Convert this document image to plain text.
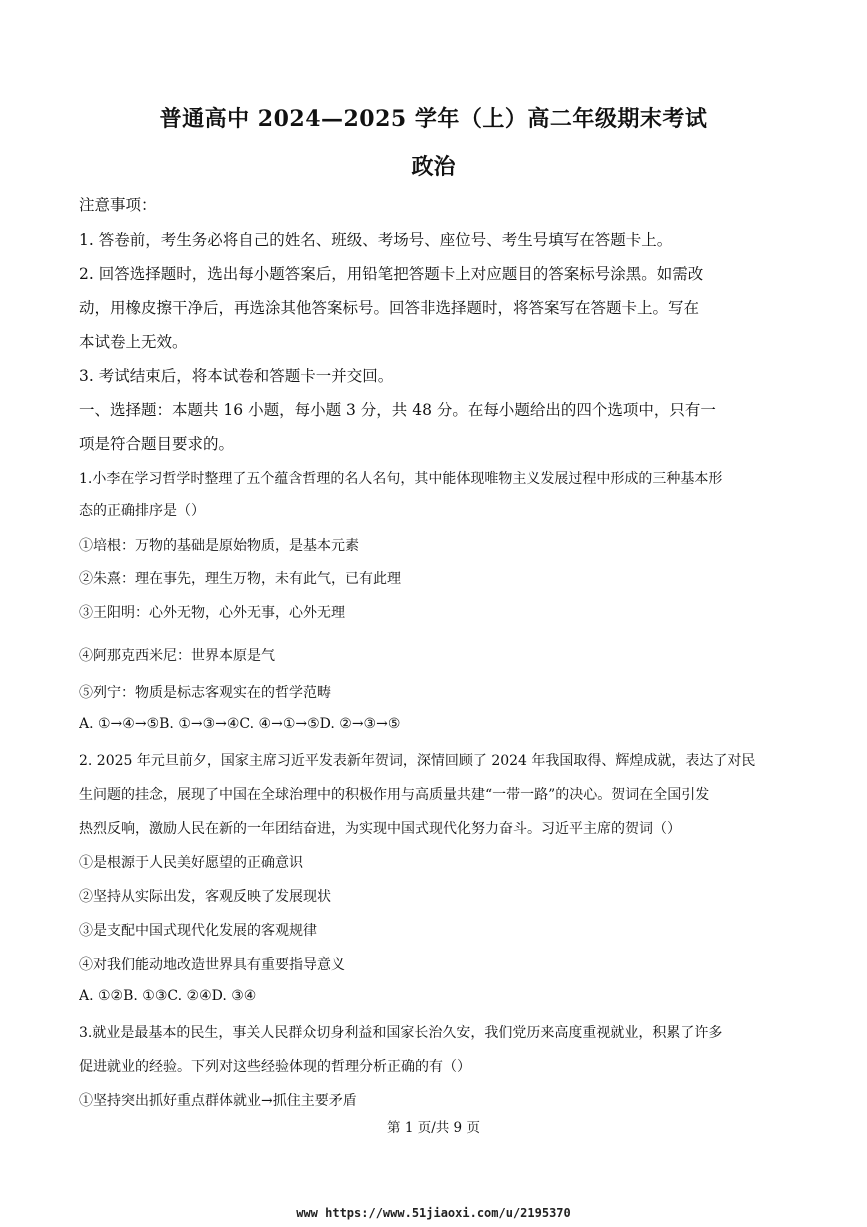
普通高中 2024—2025 学年（上）高二年级期末考试
政治
注意事项：
1. 答卷前，考生务必将自己的姓名、班级、考场号、座位号、考生号填写在答题卡上。
2. 回答选择题时，选出每小题答案后，用铅笔把答题卡上对应题目的答案标号涂黑。如需改
动，用橡皮擦干净后，再选涂其他答案标号。回答非选择题时，将答案写在答题卡上。写在
本试卷上无效。
3. 考试结束后，将本试卷和答题卡一并交回。
一、选择题：本题共 16 小题，每小题 3 分，共 48 分。在每小题给出的四个选项中，只有一
项是符合题目要求的。
1.小李在学习哲学时整理了五个蕴含哲理的名人名句，其中能体现唯物主义发展过程中形成的三种基本形
态的正确排序是（）
①培根：万物的基础是原始物质，是基本元素
②朱熹：理在事先，理生万物，未有此气，已有此理
③王阳明：心外无物，心外无事，心外无理
④阿那克西米尼：世界本原是气
⑤列宁：物质是标志客观实在的哲学范畴
A. ①→④→⑤B. ①→③→④C. ④→①→⑤D. ②→③→⑤
2. 2025 年元旦前夕，国家主席习近平发表新年贺词，深情回顾了 2024 年我国取得、辉煌成就，表达了对民
生问题的挂念，展现了中国在全球治理中的积极作用与高质量共建“一带一路”的决心。贺词在全国引发
热烈反响，激励人民在新的一年团结奋进，为实现中国式现代化努力奋斗。习近平主席的贺词（）
①是根源于人民美好愿望的正确意识
②坚持从实际出发，客观反映了发展现状
③是支配中国式现代化发展的客观规律
④对我们能动地改造世界具有重要指导意义
A. ①②B. ①③C. ②④D. ③④
3.就业是最基本的民生，事关人民群众切身利益和国家长治久安，我们党历来高度重视就业，积累了许多
促进就业的经验。下列对这些经验体现的哲理分析正确的有（）
①坚持突出抓好重点群体就业→抓住主要矛盾
第 1 页/共 9 页
www https://www.51jiaoxi.com/u/2195370
